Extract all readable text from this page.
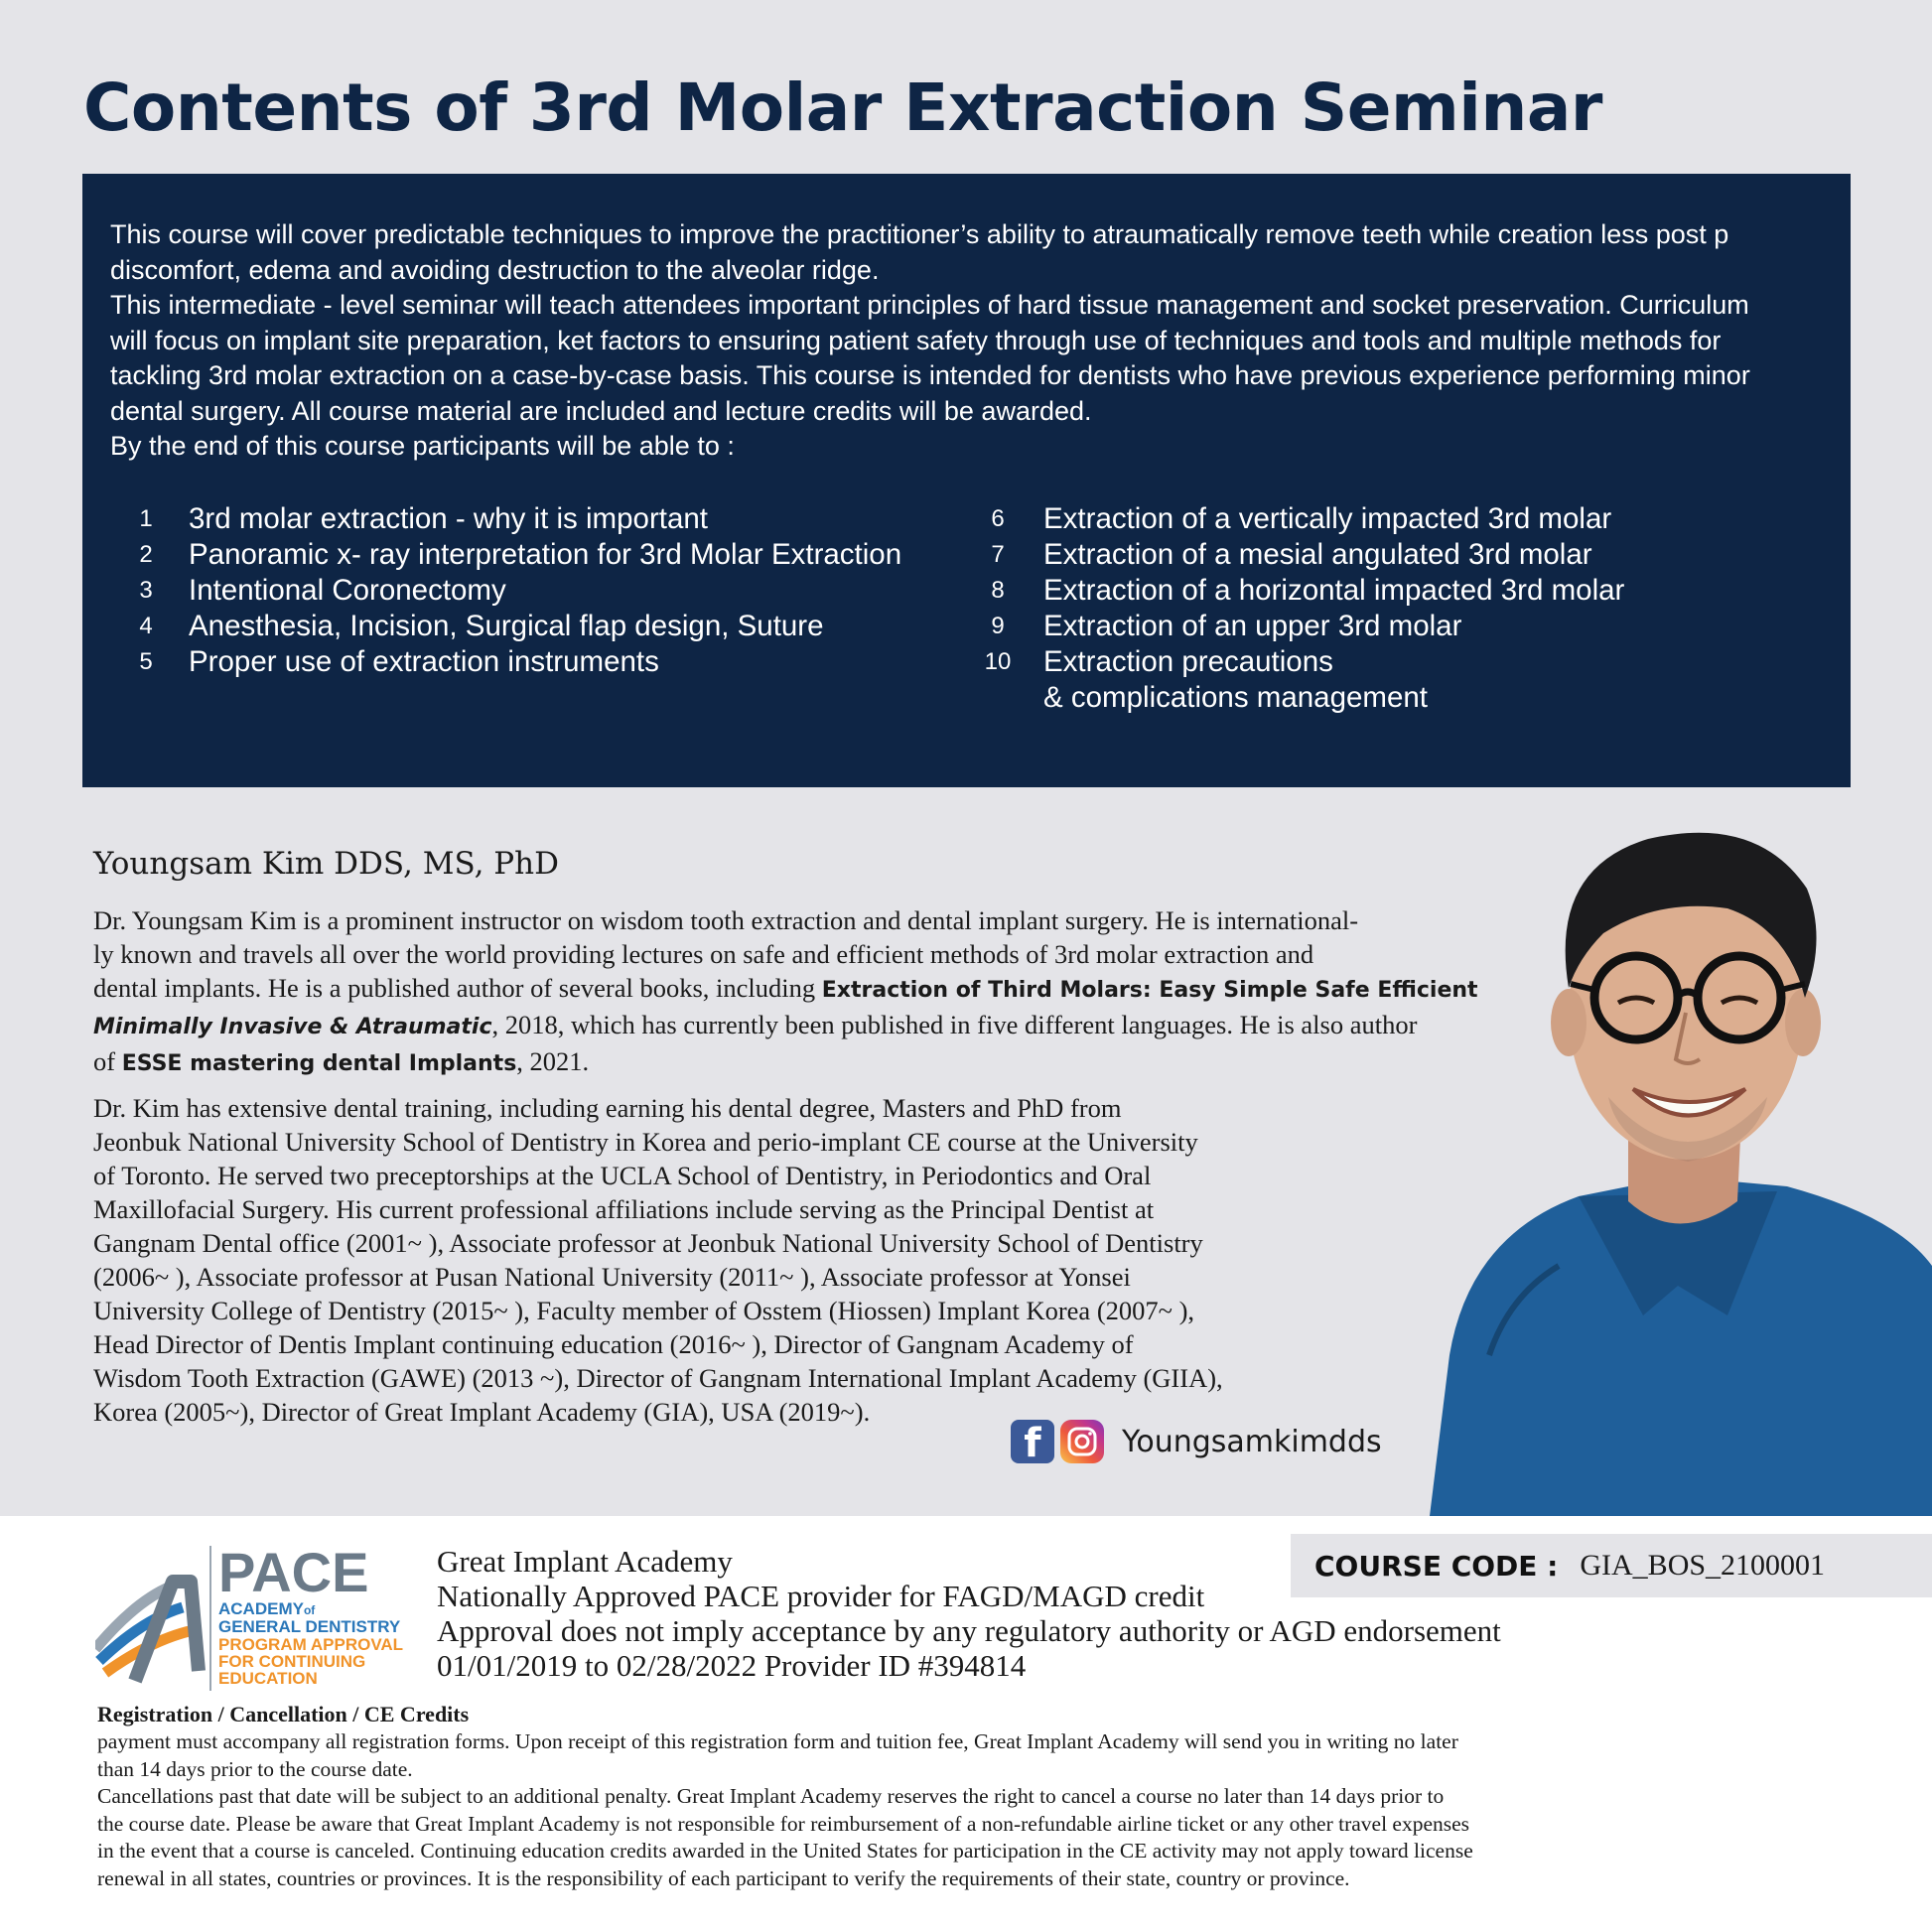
Contents of 3rd Molar Extraction Seminar

This course will cover predictable techniques to improve the practitioner’s ability to atraumatically remove teeth while creation less post p

discomfort, edema and avoiding destruction to the alveolar ridge.

This intermediate - level seminar will teach attendees important principles of hard tissue management and socket preservation. Curriculum

will focus on implant site preparation, ket factors to ensuring patient safety through use of techniques and tools and multiple methods for

tackling 3rd molar extraction on a case-by-case basis. This course is intended for dentists who have previous experience performing minor

dental surgery. All course material are included and lecture credits will be awarded.

By the end of this course participants will be able to :

1	3rd molar extraction - why it is important
2	Panoramic x- ray interpretation for 3rd Molar Extraction
3	Intentional Coronectomy
4	Anesthesia, Incision, Surgical flap design, Suture
5	Proper use of extraction instruments
6	Extraction of a vertically impacted 3rd molar
7	Extraction of a mesial angulated 3rd molar
8	Extraction of a horizontal impacted 3rd molar
9	Extraction of an upper 3rd molar
10	Extraction precautions
& complications management
Youngsam Kim DDS, MS, PhD
Dr. Youngsam Kim is a prominent instructor on wisdom tooth extraction and dental implant surgery. He is international-
ly known and travels all over the world providing lectures on safe and efficient methods of 3rd molar extraction and
dental implants. He is a published author of several books, including Extraction of Third Molars: Easy Simple Safe Efficient
Minimally Invasive & Atraumatic, 2018, which has currently been published in five different languages. He is also author
of ESSE mastering dental Implants, 2021.
Dr. Kim has extensive dental training, including earning his dental degree, Masters and PhD from
Jeonbuk National University School of Dentistry in Korea and perio-implant CE course at the University
of Toronto. He served two preceptorships at the UCLA School of Dentistry, in Periodontics and Oral
Maxillofacial Surgery. His current professional affiliations include serving as the Principal Dentist at
Gangnam Dental office (2001~ ), Associate professor at Jeonbuk National University School of Dentistry
(2006~ ), Associate professor at Pusan National University (2011~ ), Associate professor at Yonsei
University College of Dentistry (2015~ ), Faculty member of Osstem (Hiossen) Implant Korea (2007~ ),
Head Director of Dentis Implant continuing education (2016~ ), Director of Gangnam Academy of
Wisdom Tooth Extraction (GAWE) (2013 ~), Director of Gangnam International Implant Academy (GIIA),
Korea (2005~), Director of Great Implant Academy (GIA), USA (2019~).
f	Youngsamkimdds
COURSE CODE : GIA_BOS_2100001
PACE
ACADEMYof
GENERAL DENTISTRY
PROGRAM APPROVAL
FOR CONTINUING
EDUCATION
Great Implant Academy
Nationally Approved PACE provider for FAGD/MAGD credit
Approval does not imply acceptance by any regulatory authority or AGD endorsement
01/01/2019 to 02/28/2022 Provider ID #394814
Registration / Cancellation / CE Credits
payment must accompany all registration forms. Upon receipt of this registration form and tuition fee, Great Implant Academy will send you in writing no later
than 14 days prior to the course date.
Cancellations past that date will be subject to an additional penalty. Great Implant Academy reserves the right to cancel a course no later than 14 days prior to
the course date. Please be aware that Great Implant Academy is not responsible for reimbursement of a non-refundable airline ticket or any other travel expenses
in the event that a course is canceled. Continuing education credits awarded in the United States for participation in the CE activity may not apply toward license
renewal in all states, countries or provinces. It is the responsibility of each participant to verify the requirements of their state, country or province.
